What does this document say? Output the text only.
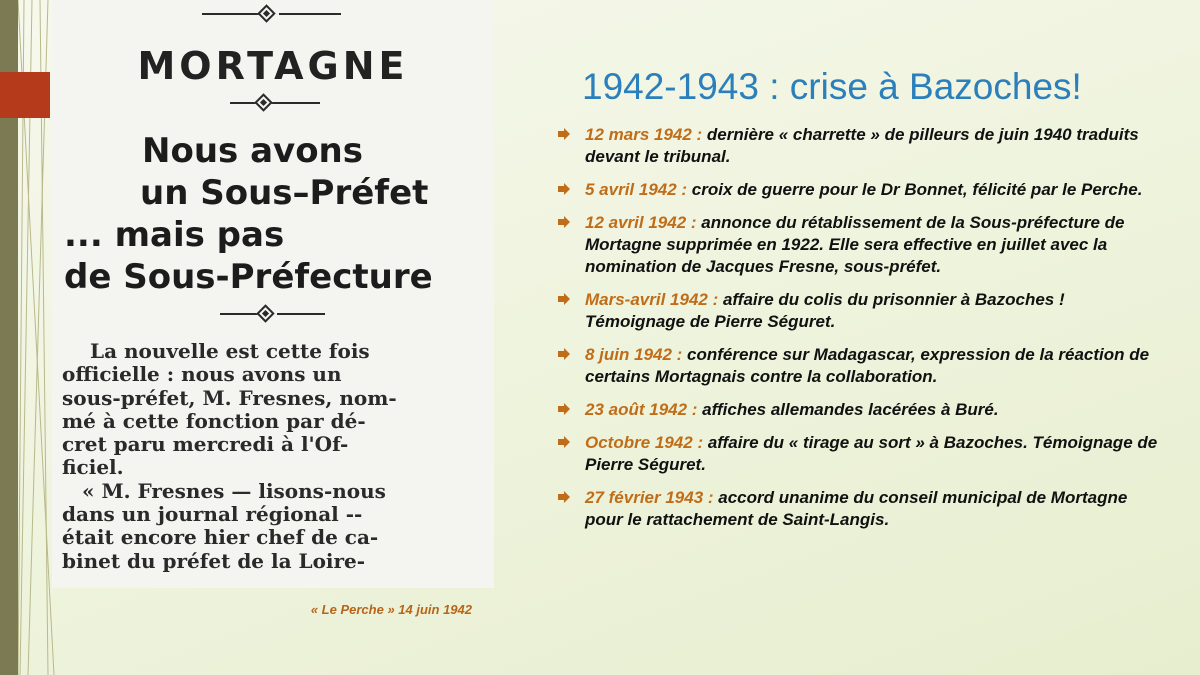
MORTAGNE
Nous avons
un Sous–Préfet
... mais pas
de Sous-Préfecture
La nouvelle est cette fois
officielle : nous avons un
sous-préfet, M. Fresnes, nom-
mé à cette fonction par dé-
cret paru mercredi à l'Of-
ficiel.
« M. Fresnes — lisons-nous
dans un journal régional --
était encore hier chef de ca-
binet du préfet de la Loire-
« Le Perche » 14 juin 1942
1942-1943 : crise à Bazoches!
12 mars 1942 : dernière « charrette » de pilleurs de juin 1940 traduits devant le tribunal.
5 avril 1942 : croix de guerre pour le Dr Bonnet, félicité par le Perche.
12 avril 1942 : annonce du rétablissement de la Sous-préfecture de Mortagne supprimée en 1922. Elle sera effective en juillet avec la nomination de Jacques Fresne, sous-préfet.
Mars-avril 1942 : affaire du colis du prisonnier à Bazoches ! Témoignage de Pierre Séguret.
8 juin 1942 : conférence sur Madagascar, expression de la réaction de certains Mortagnais contre la collaboration.
23 août 1942 : affiches allemandes lacérées à Buré.
Octobre 1942 : affaire du « tirage au sort » à Bazoches. Témoignage de Pierre Séguret.
27 février 1943 : accord unanime du conseil municipal de Mortagne pour le rattachement de Saint-Langis.
